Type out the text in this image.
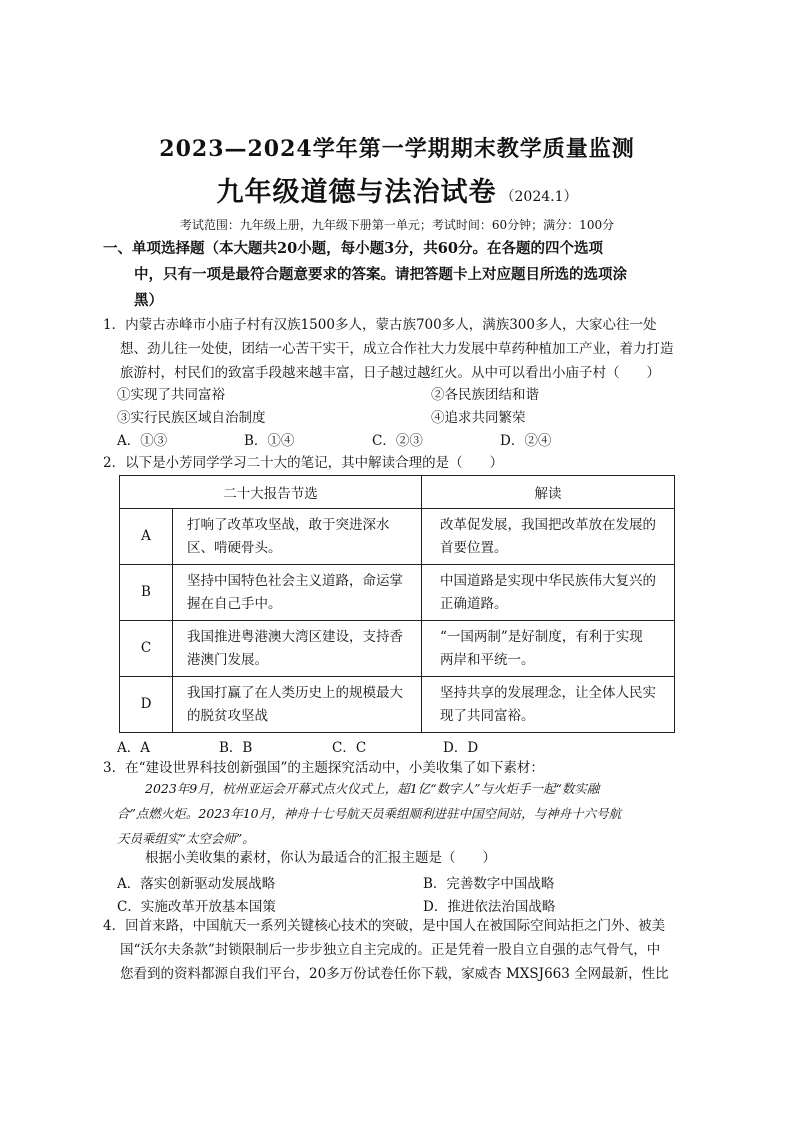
2023—2024学年第一学期期末教学质量监测
九年级道德与法治试卷 （2024.1）
考试范围：九年级上册，九年级下册第一单元；考试时间：60分钟；满分：100分
一、单项选择题（本大题共20小题，每小题3分，共60分。在各题的四个选项
中，只有一项是最符合题意要求的答案。请把答题卡上对应题目所选的选项涂
黑）
1．内蒙古赤峰市小庙子村有汉族1500多人，蒙古族700多人，满族300多人，大家心往一处
想、劲儿往一处使，团结一心苦干实干，成立合作社大力发展中草药种植加工产业，着力打造
旅游村，村民们的致富手段越来越丰富，日子越过越红火。从中可以看出小庙子村（　　）
①实现了共同富裕	②各民族团结和谐
③实行民族区域自治制度	④追求共同繁荣
A．①③	B．①④	C．②③	D．②④
2．以下是小芳同学学习二十大的笔记，其中解读合理的是（　　）
二十大报告节选		解读
A	打响了改革攻坚战，敢于突进深水区、啃硬骨头。	改革促发展，我国把改革放在发展的首要位置。
B	坚持中国特色社会主义道路，命运掌握在自己手中。	中国道路是实现中华民族伟大复兴的正确道路。
C	我国推进粤港澳大湾区建设，支持香港澳门发展。	“一国两制”是好制度，有利于实现两岸和平统一。
D	我国打赢了在人类历史上的规模最大的脱贫攻坚战	坚持共享的发展理念，让全体人民实现了共同富裕。
A．A	B．B	C．C	D．D
3．在“建设世界科技创新强国”的主题探究活动中，小美收集了如下素材：
2023年9月，杭州亚运会开幕式点火仪式上，超1亿“数字人”与火炬手一起“数实融
合”点燃火炬。2023年10月，神舟十七号航天员乘组顺利进驻中国空间站，与神舟十六号航
天员乘组实“太空会师”。
根据小美收集的素材，你认为最适合的汇报主题是（　　）
A．落实创新驱动发展战略	B．完善数字中国战略
C．实施改革开放基本国策	D．推进依法治国战略
4．回首来路，中国航天一系列关键核心技术的突破，是中国人在被国际空间站拒之门外、被美
国“沃尔夫条款”封锁限制后一步步独立自主完成的。正是凭着一股自立自强的志气骨气，中
您看到的资料都源自我们平台，20多万份试卷任你下载，家威杏 MXSJ663 全网最新，性比
